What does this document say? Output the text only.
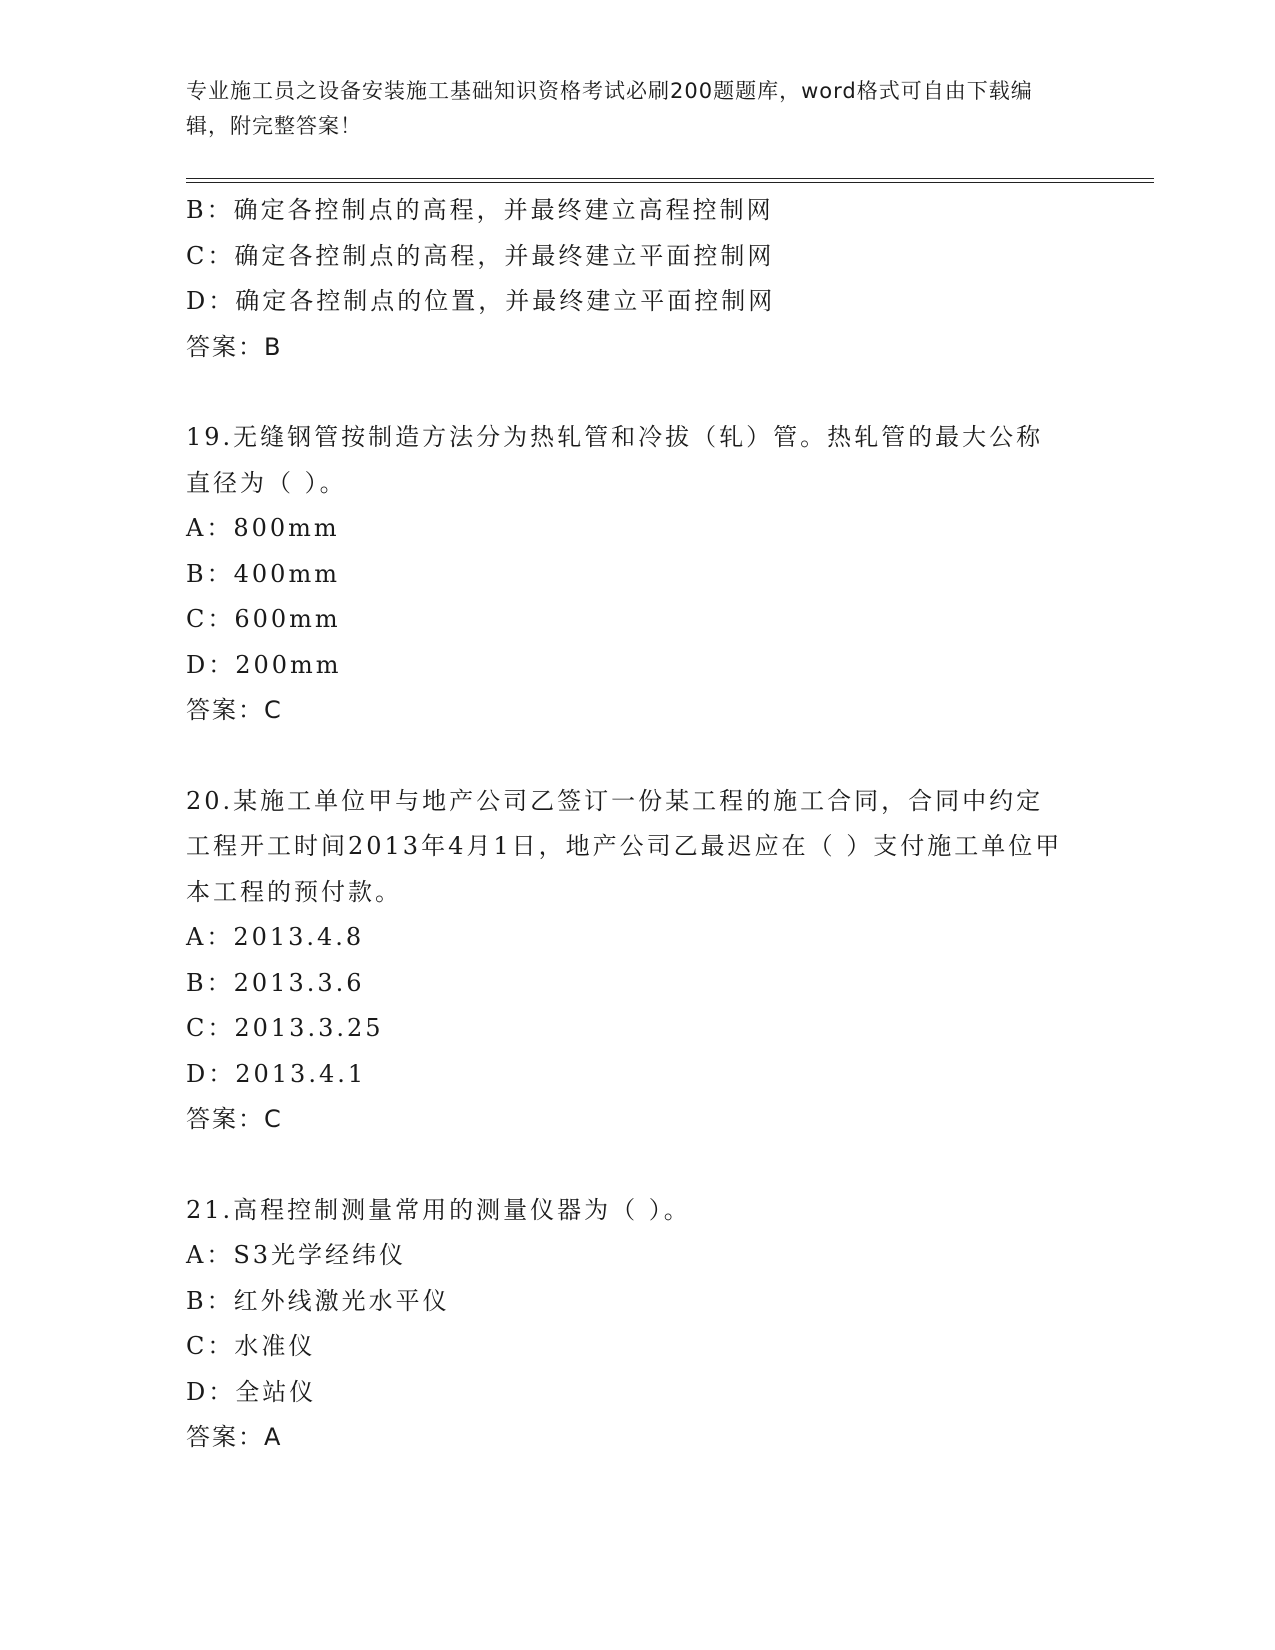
专业施工员之设备安装施工基础知识资格考试必刷200题题库，word格式可自由下载编辑，附完整答案！
B：确定各控制点的高程，并最终建立高程控制网
C：确定各控制点的高程，并最终建立平面控制网
D：确定各控制点的位置，并最终建立平面控制网
答案：B
19.无缝钢管按制造方法分为热轧管和冷拔（轧）管。热轧管的最大公称直径为（ ）。
A：800mm
B：400mm
C：600mm
D：200mm
答案：C
20.某施工单位甲与地产公司乙签订一份某工程的施工合同，合同中约定工程开工时间2013年4月1日，地产公司乙最迟应在（ ）支付施工单位甲本工程的预付款。
A：2013.4.8
B：2013.3.6
C：2013.3.25
D：2013.4.1
答案：C
21.高程控制测量常用的测量仪器为（ ）。
A：S3光学经纬仪
B：红外线激光水平仪
C：水准仪
D：全站仪
答案：A
